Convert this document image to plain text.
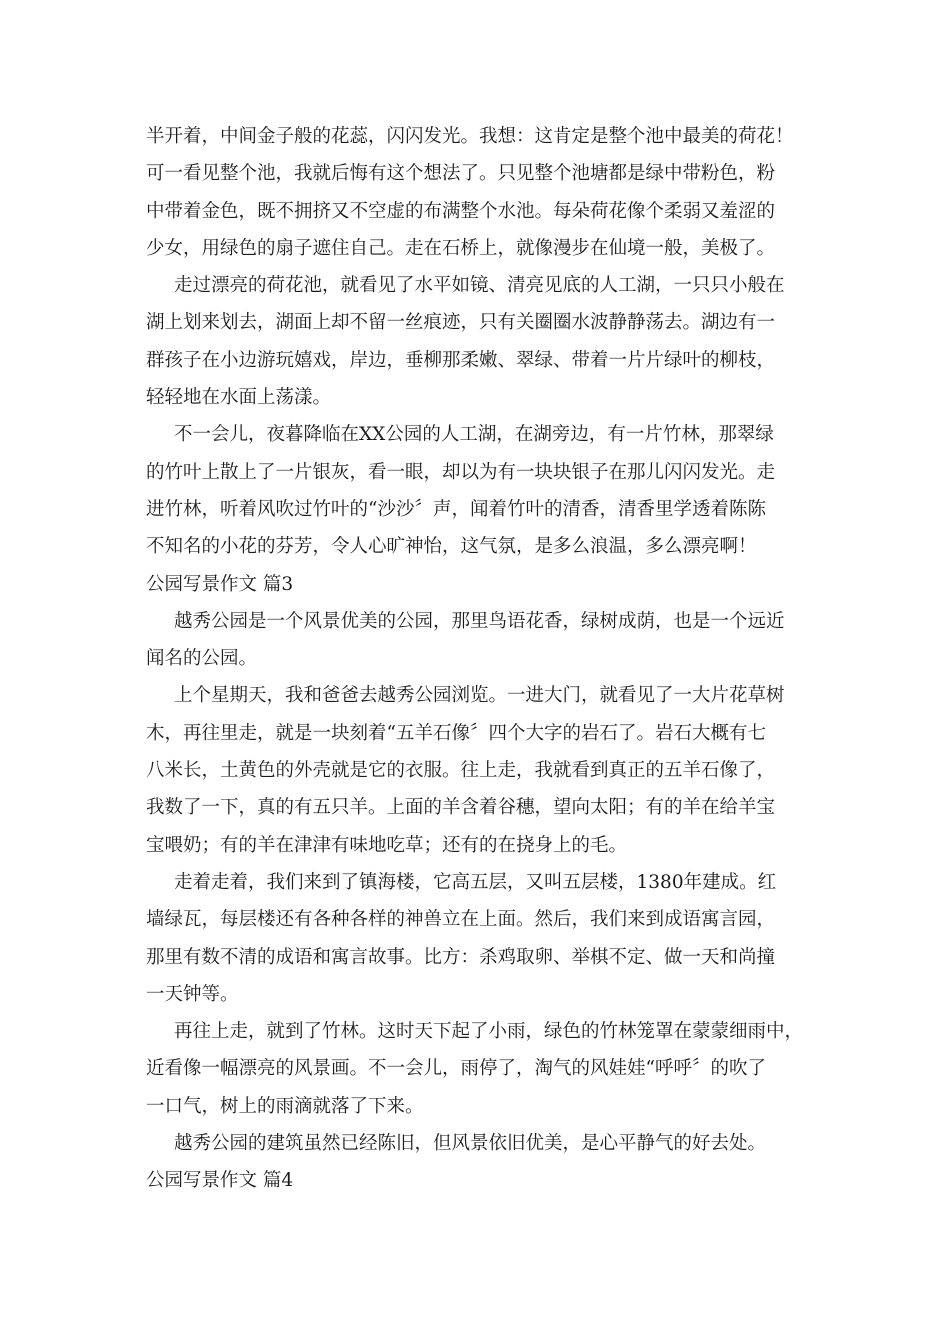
半开着，中间金子般的花蕊，闪闪发光。我想：这肯定是整个池中最美的荷花！
可一看见整个池，我就后悔有这个想法了。只见整个池塘都是绿中带粉色，粉
中带着金色，既不拥挤又不空虚的布满整个水池。每朵荷花像个柔弱又羞涩的
少女，用绿色的扇子遮住自己。走在石桥上，就像漫步在仙境一般，美极了。
走过漂亮的荷花池，就看见了水平如镜、清亮见底的人工湖，一只只小般在
湖上划来划去，湖面上却不留一丝痕迹，只有关圈圈水波静静荡去。湖边有一
群孩子在小边游玩嬉戏，岸边，垂柳那柔嫩、翠绿、带着一片片绿叶的柳枝，
轻轻地在水面上荡漾。
不一会儿，夜暮降临在XX公园的人工湖，在湖旁边，有一片竹林，那翠绿
的竹叶上散上了一片银灰，看一眼，却以为有一块块银子在那儿闪闪发光。走
进竹林，听着风吹过竹叶的“沙沙〞声，闻着竹叶的清香，清香里学透着陈陈
不知名的小花的芬芳，令人心旷神怡，这气氛，是多么浪温，多么漂亮啊！
公园写景作文 篇3
越秀公园是一个风景优美的公园，那里鸟语花香，绿树成荫，也是一个远近
闻名的公园。
上个星期天，我和爸爸去越秀公园浏览。一进大门，就看见了一大片花草树
木，再往里走，就是一块刻着“五羊石像〞四个大字的岩石了。岩石大概有七
八米长，土黄色的外壳就是它的衣服。往上走，我就看到真正的五羊石像了，
我数了一下，真的有五只羊。上面的羊含着谷穗，望向太阳；有的羊在给羊宝
宝喂奶；有的羊在津津有味地吃草；还有的在挠身上的毛。
走着走着，我们来到了镇海楼，它高五层，又叫五层楼，1380年建成。红
墙绿瓦，每层楼还有各种各样的神兽立在上面。然后，我们来到成语寓言园，
那里有数不清的成语和寓言故事。比方：杀鸡取卵、举棋不定、做一天和尚撞
一天钟等。
再往上走，就到了竹林。这时天下起了小雨，绿色的竹林笼罩在蒙蒙细雨中，
近看像一幅漂亮的风景画。不一会儿，雨停了，淘气的风娃娃“呼呼〞的吹了
一口气，树上的雨滴就落了下来。
越秀公园的建筑虽然已经陈旧，但风景依旧优美，是心平静气的好去处。
公园写景作文 篇4
